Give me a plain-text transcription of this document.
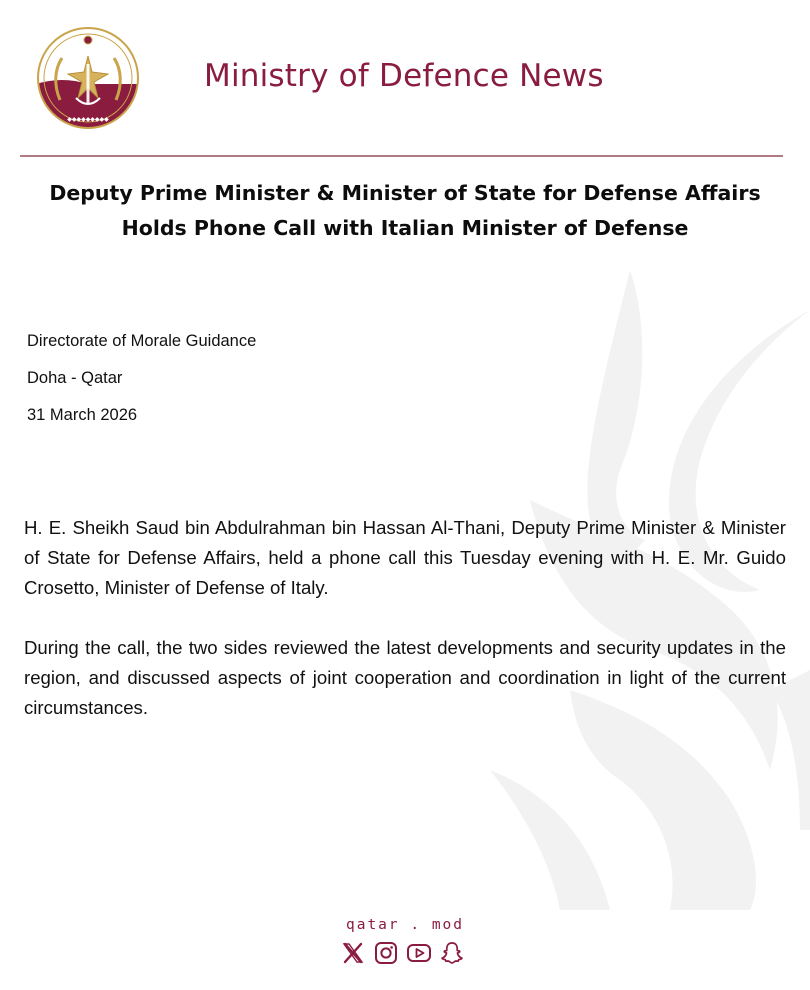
◆◆◆◆◆◆◆◆◆
Ministry of Defence News
Deputy Prime Minister & Minister of State for Defense Affairs Holds Phone Call with Italian Minister of Defense
Directorate of Morale Guidance
Doha - Qatar
31 March 2026

H. E. Sheikh Saud bin Abdulrahman bin Hassan Al-Thani, Deputy Prime Minister & Minister of State for Defense Affairs, held a phone call this Tuesday evening with H. E. Mr. Guido Crosetto, Minister of Defense of Italy.

During the call, the two sides reviewed the latest developments and security updates in the region, and discussed aspects of joint cooperation and coordination in light of the current circumstances.

qatar . mod
